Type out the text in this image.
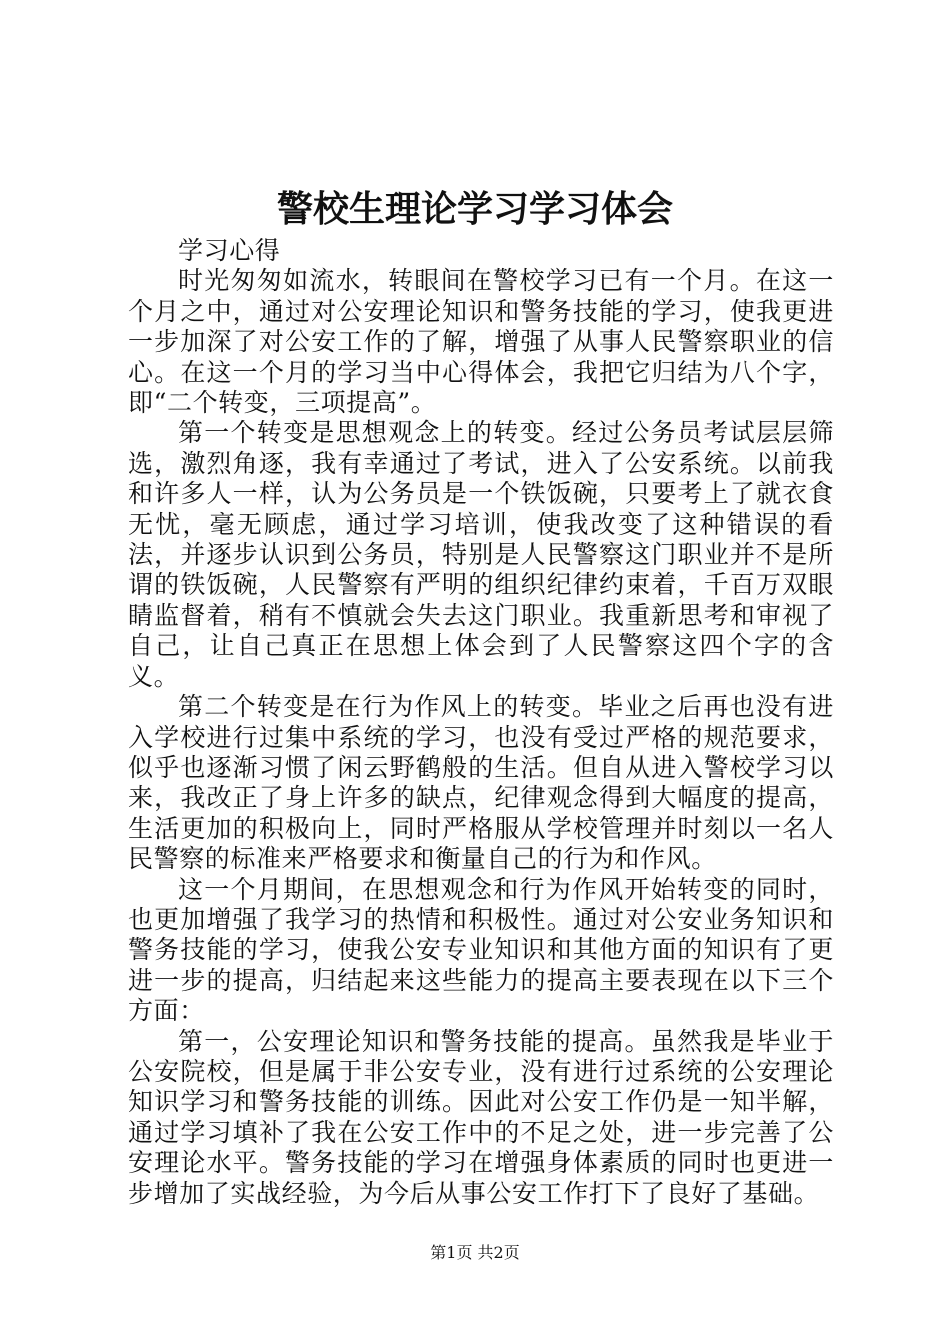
警校生理论学习学习体会

学习心得

时光匆匆如流水，转眼间在警校学习已有一个月。在这一个月之中，通过对公安理论知识和警务技能的学习，使我更进一步加深了对公安工作的了解，增强了从事人民警察职业的信心。在这一个月的学习当中心得体会，我把它归结为八个字，即“二个转变，三项提高”。

第一个转变是思想观念上的转变。经过公务员考试层层筛选，激烈角逐，我有幸通过了考试，进入了公安系统。以前我和许多人一样，认为公务员是一个铁饭碗，只要考上了就衣食无忧，毫无顾虑，通过学习培训，使我改变了这种错误的看法，并逐步认识到公务员，特别是人民警察这门职业并不是所谓的铁饭碗，人民警察有严明的组织纪律约束着，千百万双眼睛监督着，稍有不慎就会失去这门职业。我重新思考和审视了自己，让自己真正在思想上体会到了人民警察这四个字的含义。

第二个转变是在行为作风上的转变。毕业之后再也没有进入学校进行过集中系统的学习，也没有受过严格的规范要求，似乎也逐渐习惯了闲云野鹤般的生活。但自从进入警校学习以来，我改正了身上许多的缺点，纪律观念得到大幅度的提高，生活更加的积极向上，同时严格服从学校管理并时刻以一名人民警察的标准来严格要求和衡量自己的行为和作风。

这一个月期间，在思想观念和行为作风开始转变的同时，也更加增强了我学习的热情和积极性。通过对公安业务知识和警务技能的学习，使我公安专业知识和其他方面的知识有了更进一步的提高，归结起来这些能力的提高主要表现在以下三个方面：

第一，公安理论知识和警务技能的提高。虽然我是毕业于公安院校，但是属于非公安专业，没有进行过系统的公安理论知识学习和警务技能的训练。因此对公安工作仍是一知半解，通过学习填补了我在公安工作中的不足之处，进一步完善了公安理论水平。警务技能的学习在增强身体素质的同时也更进一步增加了实战经验，为今后从事公安工作打下了良好了基础。

第1页 共2页
